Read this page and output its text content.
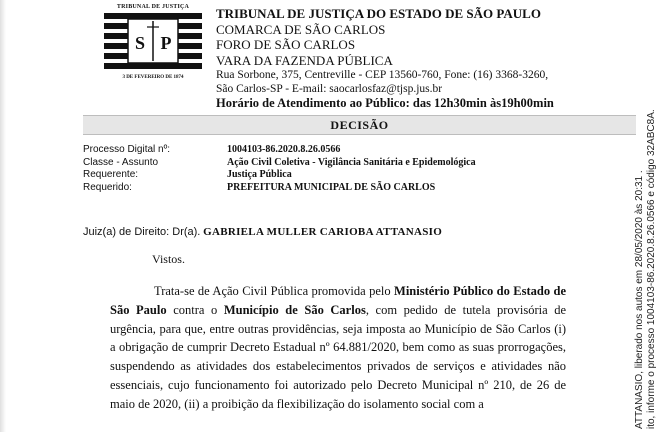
TRIBUNAL DE JUSTIÇA
S P
3 DE FEVEREIRO DE 1874
TRIBUNAL DE JUSTIÇA DO ESTADO DE SÃO PAULO
COMARCA DE SÃO CARLOS
FORO DE SÃO CARLOS
VARA DA FAZENDA PÚBLICA
Rua Sorbone, 375, Centreville - CEP 13560-760, Fone: (16) 3368-3260,
São Carlos-SP - E-mail: saocarlosfaz@tjsp.jus.br
Horário de Atendimento ao Público: das 12h30min às19h00min
DECISÃO
Processo Digital nº:	1004103-86.2020.8.26.0566
Classe - Assunto	Ação Civil Coletiva - Vigilância Sanitária e Epidemológica
Requerente:	Justiça Pública
Requerido:	PREFEITURA MUNICIPAL DE SÃO CARLOS
Juiz(a) de Direito: Dr(a). GABRIELA MULLER CARIOBA ATTANASIO
Vistos.
Trata-se de Ação Civil Pública promovida pelo Ministério Público do Estado de São Paulo contra o Município de São Carlos, com pedido de tutela provisória de urgência, para que, entre outras providências, seja imposta ao Município de São Carlos (i) a obrigação de cumprir Decreto Estadual nº 64.881/2020, bem como as suas prorrogações, suspendendo as atividades dos estabelecimentos privados de serviços e atividades não essenciais, cujo funcionamento foi autorizado pelo Decreto Municipal nº 210, de 26 de maio de 2020, (ii) a proibição da flexibilização do isolamento social com a	ATTANASIO, liberado nos autos em 28/05/2020 às 20:31 . ito, informe o processo 1004103-86.2020.8.26.0566 e código 32ABC8A.
